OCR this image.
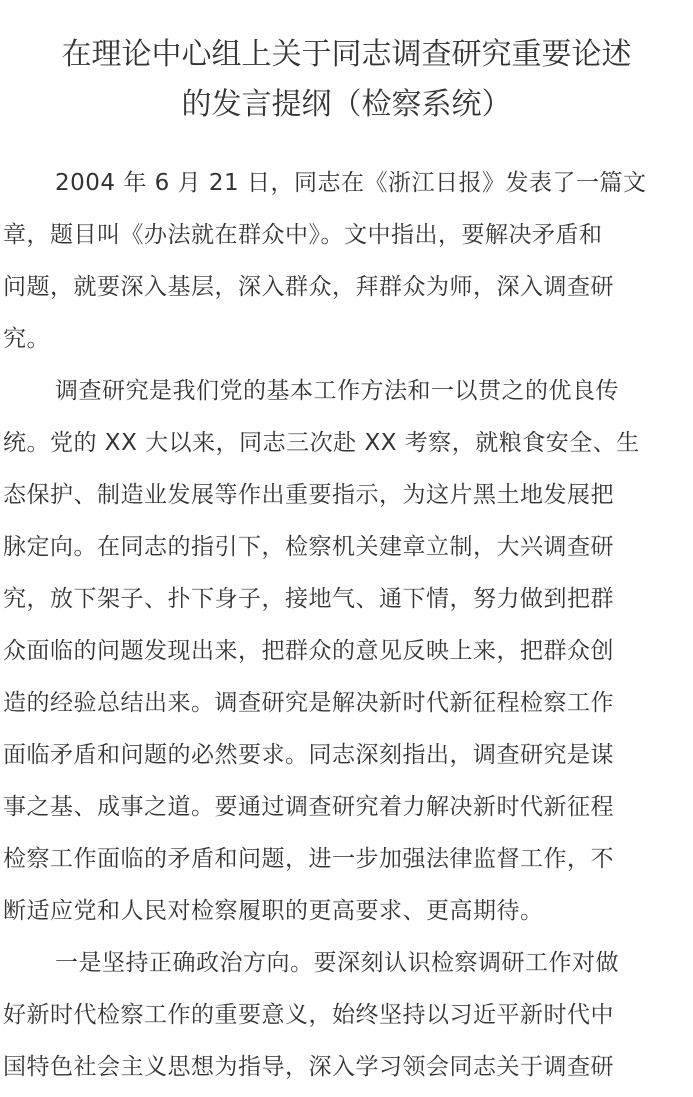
在理论中心组上关于同志调查研究重要论述
的发言提纲（检察系统）
2004 年 6 月 21 日，同志在《浙江日报》发表了一篇文
章，题目叫《办法就在群众中》。文中指出，要解决矛盾和
问题，就要深入基层，深入群众，拜群众为师，深入调查研
究。
调查研究是我们党的基本工作方法和一以贯之的优良传
统。党的 XX 大以来，同志三次赴 XX 考察，就粮食安全、生
态保护、制造业发展等作出重要指示，为这片黑土地发展把
脉定向。在同志的指引下，检察机关建章立制，大兴调查研
究，放下架子、扑下身子，接地气、通下情，努力做到把群
众面临的问题发现出来，把群众的意见反映上来，把群众创
造的经验总结出来。调查研究是解决新时代新征程检察工作
面临矛盾和问题的必然要求。同志深刻指出，调查研究是谋
事之基、成事之道。要通过调查研究着力解决新时代新征程
检察工作面临的矛盾和问题，进一步加强法律监督工作，不
断适应党和人民对检察履职的更高要求、更高期待。
一是坚持正确政治方向。要深刻认识检察调研工作对做
好新时代检察工作的重要意义，始终坚持以习近平新时代中
国特色社会主义思想为指导，深入学习领会同志关于调查研
